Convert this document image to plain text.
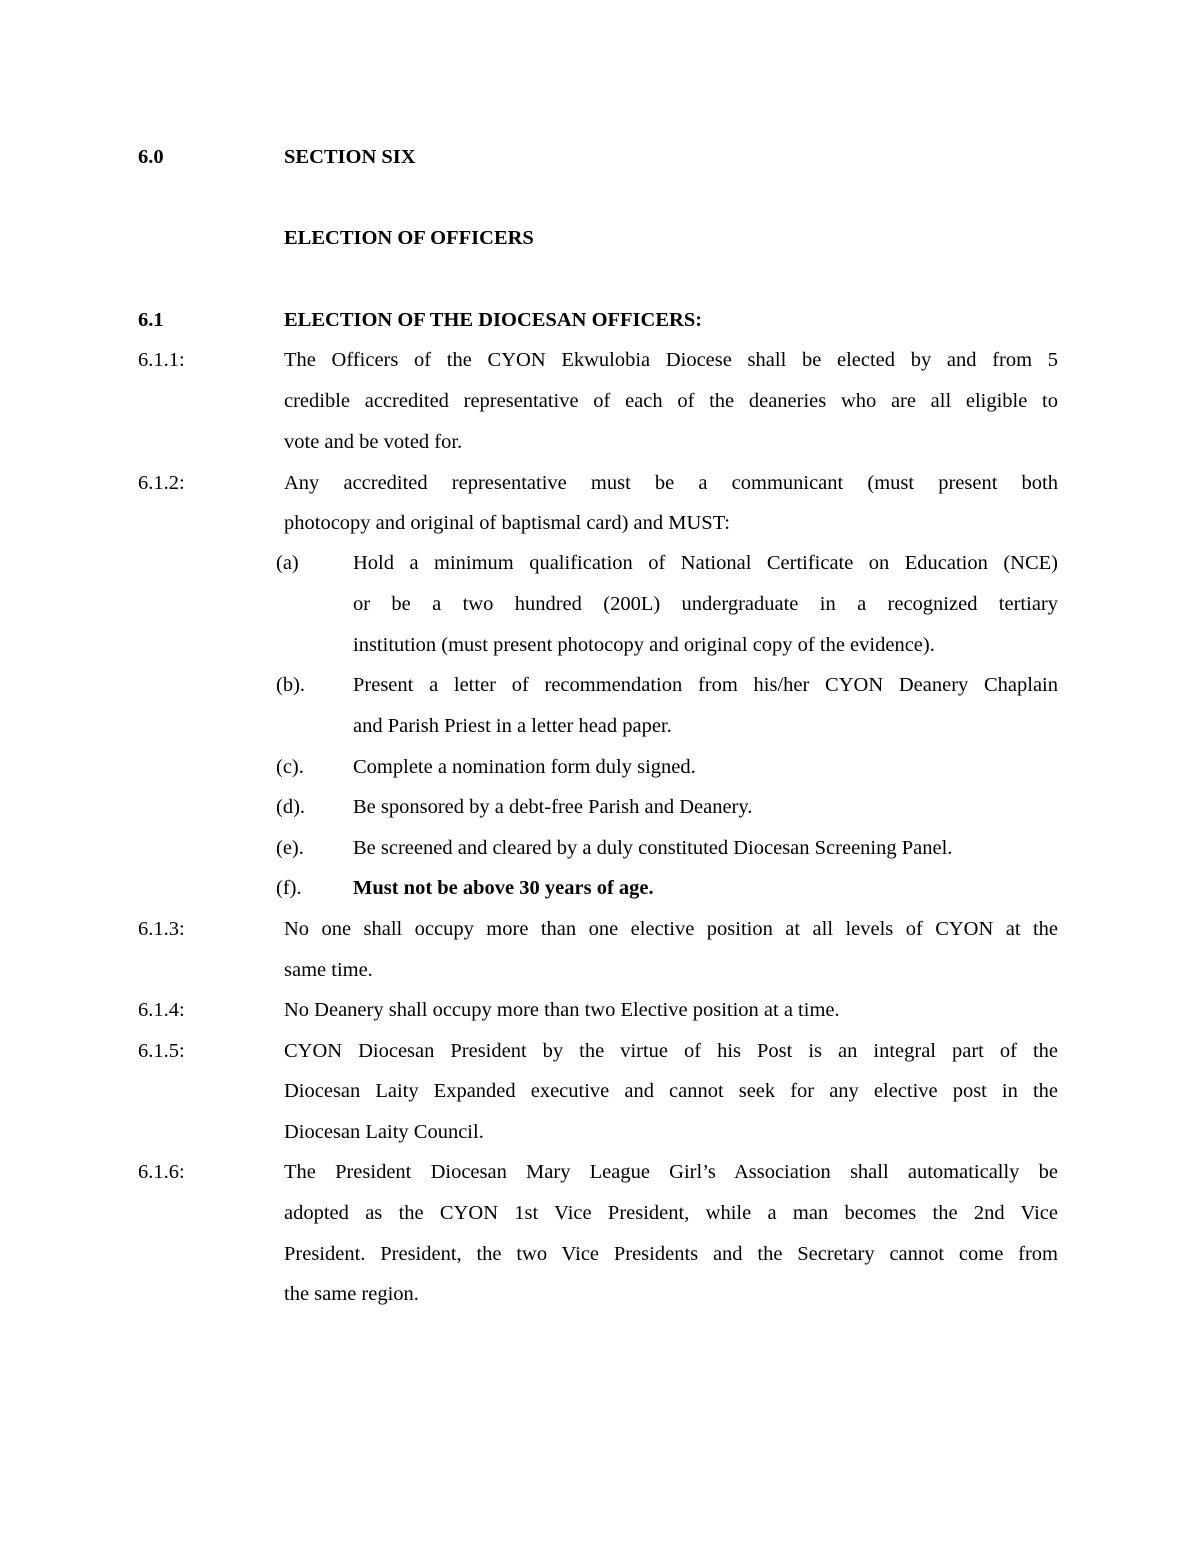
6.0	SECTION SIX
ELECTION OF OFFICERS
6.1	ELECTION OF THE DIOCESAN OFFICERS:
6.1.1:	The Officers of the CYON Ekwulobia Diocese shall be elected by and from 5
credible accredited representative of each of the deaneries who are all eligible to
vote and be voted for.
6.1.2:	Any accredited representative must be a communicant (must present both
photocopy and original of baptismal card) and MUST:
(a)	Hold a minimum qualification of National Certificate on Education (NCE)
or be a two hundred (200L) undergraduate in a recognized tertiary
institution (must present photocopy and original copy of the evidence).
(b). Present a letter of recommendation from his/her CYON Deanery Chaplain
and Parish Priest in a letter head paper.
(c). Complete a nomination form duly signed.
(d). Be sponsored by a debt-free Parish and Deanery.
(e). Be screened and cleared by a duly constituted Diocesan Screening Panel.
(f).	Must not be above 30 years of age.
6.1.3:	No one shall occupy more than one elective position at all levels of CYON at the
same time.
6.1.4:	No Deanery shall occupy more than two Elective position at a time.
6.1.5:	CYON Diocesan President by the virtue of his Post is an integral part of the
Diocesan Laity Expanded executive and cannot seek for any elective post in the
Diocesan Laity Council.
6.1.6:	The President Diocesan Mary League Girl’s Association shall automatically be
adopted as the CYON 1st Vice President, while a man becomes the 2nd Vice
President. President, the two Vice Presidents and the Secretary cannot come from
the same region.
